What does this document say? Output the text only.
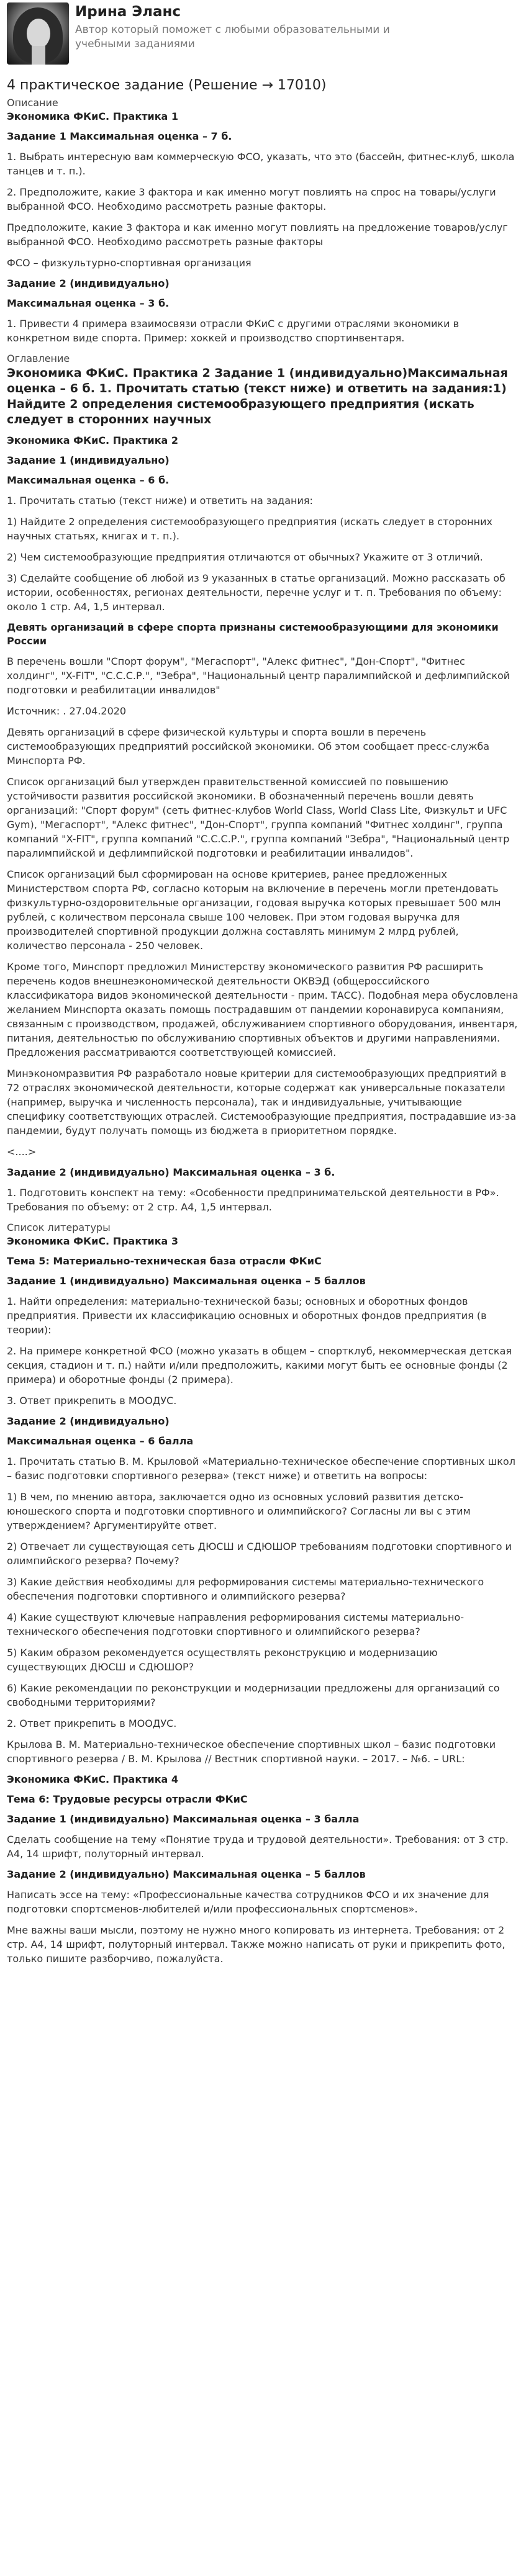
Ирина Эланс
Автор который поможет с любыми образовательными и учебными заданиями
4 практическое задание (Решение → 17010)
Описание
Экономика ФКиС. Практика 1
Задание 1 Максимальная оценка – 7 б.

1. Выбрать интересную вам коммерческую ФСО, указать, что это (бассейн, фитнес-клуб, школа танцев и т. п.).

2. Предположите, какие 3 фактора и как именно могут повлиять на спрос на товары/услуги выбранной ФСО. Необходимо рассмотреть разные факторы.

Предположите, какие 3 фактора и как именно могут повлиять на предложение товаров/услуг выбранной ФСО. Необходимо рассмотреть разные факторы

ФСО – физкультурно-спортивная организация

Задание 2 (индивидуально)
Максимальная оценка – 3 б.

1. Привести 4 примера взаимосвязи отрасли ФКиС с другими отраслями экономики в конкретном виде спорта. Пример: хоккей и производство спортинвентаря.

Оглавление
Экономика ФКиС. Практика 2 Задание 1 (индивидуально)Максимальная оценка – 6 б. 1. Прочитать статью (текст ниже) и ответить на задания:1) Найдите 2 определения системообразующего предприятия (искать следует в сторонних научных
Экономика ФКиС. Практика 2
Задание 1 (индивидуально)
Максимальная оценка – 6 б.

1. Прочитать статью (текст ниже) и ответить на задания:

1) Найдите 2 определения системообразующего предприятия (искать следует в сторонних научных статьях, книгах и т. п.).

2) Чем системообразующие предприятия отличаются от обычных? Укажите от 3 отличий.

3) Сделайте сообщение об любой из 9 указанных в статье организаций. Можно рассказать об истории, особенностях, регионах деятельности, перечне услуг и т. п. Требования по объему: около 1 стр. А4, 1,5 интервал.

Девять организаций в сфере спорта признаны системообразующими для экономики России

В перечень вошли "Спорт форум", "Мегаспорт", "Алекс фитнес", "Дон-Спорт", "Фитнес холдинг", "X-FIT", "С.С.С.Р.", "Зебра", "Национальный центр паралимпийской и дефлимпийской подготовки и реабилитации инвалидов"

Источник: . 27.04.2020

Девять организаций в сфере физической культуры и спорта вошли в перечень системообразующих предприятий российской экономики. Об этом сообщает пресс-служба Минспорта РФ.

Список организаций был утвержден правительственной комиссией по повышению устойчивости развития российской экономики. В обозначенный перечень вошли девять организаций: "Спорт форум" (сеть фитнес-клубов World Class, World Class Lite, Физкульт и UFC Gym), "Мегаспорт", "Алекс фитнес", "Дон-Спорт", группа компаний "Фитнес холдинг", группа компаний "X-FIT", группа компаний "С.С.С.Р.", группа компаний "Зебра", "Национальный центр паралимпийской и дефлимпийской подготовки и реабилитации инвалидов".

Список организаций был сформирован на основе критериев, ранее предложенных Министерством спорта РФ, согласно которым на включение в перечень могли претендовать физкультурно-оздоровительные организации, годовая выручка которых превышает 500 млн рублей, с количеством персонала свыше 100 человек. При этом годовая выручка для производителей спортивной продукции должна составлять минимум 2 млрд рублей, количество персонала - 250 человек.

Кроме того, Минспорт предложил Министерству экономического развития РФ расширить перечень кодов внешнеэкономической деятельности ОКВЭД (общероссийского классификатора видов экономической деятельности - прим. ТАСС). Подобная мера обусловлена желанием Минспорта оказать помощь пострадавшим от пандемии коронавируса компаниям, связанным с производством, продажей, обслуживанием спортивного оборудования, инвентаря, питания, деятельностью по обслуживанию спортивных объектов и другими направлениями. Предложения рассматриваются соответствующей комиссией.

Минэкономразвития РФ разработало новые критерии для системообразующих предприятий в 72 отраслях экономической деятельности, которые содержат как универсальные показатели (например, выручка и численность персонала), так и индивидуальные, учитывающие специфику соответствующих отраслей. Системообразующие предприятия, пострадавшие из-за пандемии, будут получать помощь из бюджета в приоритетном порядке.

<....>

Задание 2 (индивидуально) Максимальная оценка – 3 б.

1. Подготовить конспект на тему: «Особенности предпринимательской деятельности в РФ». Требования по объему: от 2 стр. А4, 1,5 интервал.

Список литературы
Экономика ФКиС. Практика 3
Тема 5: Материально-техническая база отрасли ФКиС
Задание 1 (индивидуально) Максимальная оценка – 5 баллов

1. Найти определения: материально-технической базы; основных и оборотных фондов предприятия. Привести их классификацию основных и оборотных фондов предприятия (в теории):

2. На примере конкретной ФСО (можно указать в общем – спортклуб, некоммерческая детская секция, стадион и т. п.) найти и/или предположить, какими могут быть ее основные фонды (2 примера) и оборотные фонды (2 примера).

3. Ответ прикрепить в МООДУС.

Задание 2 (индивидуально)
Максимальная оценка – 6 балла

1. Прочитать статью В. М. Крыловой «Материально-техническое обеспечение спортивных школ – базис подготовки спортивного резерва» (текст ниже) и ответить на вопросы:

1) В чем, по мнению автора, заключается одно из основных условий развития детско-юношеского спорта и подготовки спортивного и олимпийского? Согласны ли вы с этим утверждением? Аргументируйте ответ.

2) Отвечает ли существующая сеть ДЮСШ и СДЮШОР требованиям подготовки спортивного и олимпийского резерва? Почему?

3) Какие действия необходимы для реформирования системы материально-технического обеспечения подготовки спортивного и олимпийского резерва?

4) Какие существуют ключевые направления реформирования системы материально-технического обеспечения подготовки спортивного и олимпийского резерва?

5) Каким образом рекомендуется осуществлять реконструкцию и модернизацию существующих ДЮСШ и СДЮШОР?

6) Какие рекомендации по реконструкции и модернизации предложены для организаций со свободными территориями?

2. Ответ прикрепить в МООДУС.

Крылова В. М. Материально-техническое обеспечение спортивных школ – базис подготовки спортивного резерва / В. М. Крылова // Вестник спортивной науки. – 2017. – №6. – URL:

Экономика ФКиС. Практика 4
Тема 6: Трудовые ресурсы отрасли ФКиС
Задание 1 (индивидуально) Максимальная оценка – 3 балла

Сделать сообщение на тему «Понятие труда и трудовой деятельности». Требования: от 3 стр. А4, 14 шрифт, полуторный интервал.

Задание 2 (индивидуально) Максимальная оценка – 5 баллов

Написать эссе на тему: «Профессиональные качества сотрудников ФСО и их значение для подготовки спортсменов-любителей и/или профессиональных спортсменов».

Мне важны ваши мысли, поэтому не нужно много копировать из интернета. Требования: от 2 стр. А4, 14 шрифт, полуторный интервал. Также можно написать от руки и прикрепить фото, только пишите разборчиво, пожалуйста.
